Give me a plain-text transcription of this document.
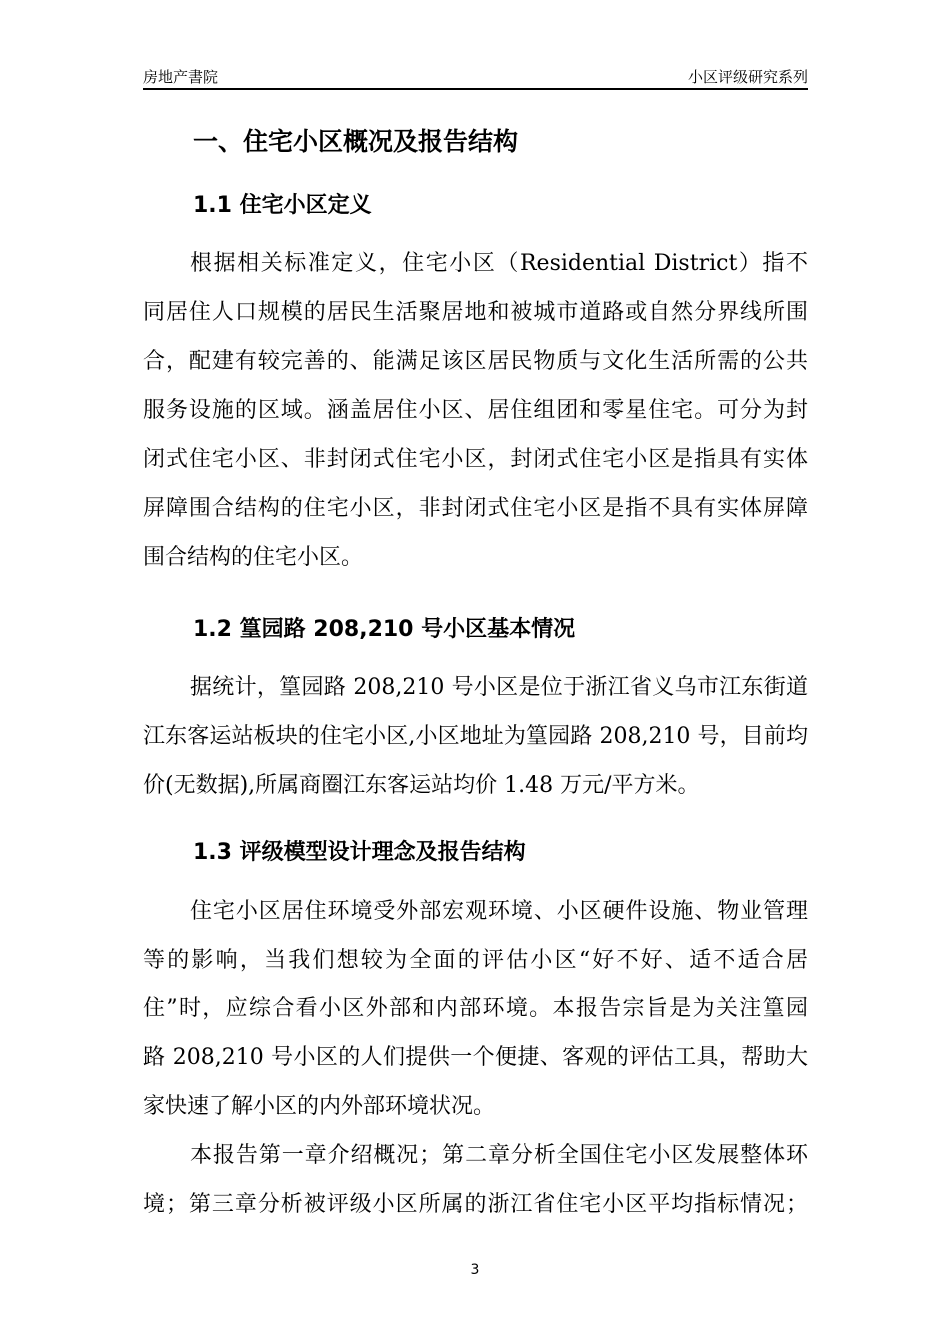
房地产書院	小区评级研究系列
一、住宅小区概况及报告结构
1.1 住宅小区定义
根据相关标准定义，住宅小区（Residential District）指不
同居住人口规模的居民生活聚居地和被城市道路或自然分界线所围
合，配建有较完善的、能满足该区居民物质与文化生活所需的公共
服务设施的区域。涵盖居住小区、居住组团和零星住宅。可分为封
闭式住宅小区、非封闭式住宅小区，封闭式住宅小区是指具有实体
屏障围合结构的住宅小区，非封闭式住宅小区是指不具有实体屏障
围合结构的住宅小区。
1.2 篁园路 208,210 号小区基本情况
据统计，篁园路 208,210 号小区是位于浙江省义乌市江东街道
江东客运站板块的住宅小区,小区地址为篁园路 208,210 号，目前均
价(无数据),所属商圈江东客运站均价 1.48 万元/平方米。
1.3 评级模型设计理念及报告结构
住宅小区居住环境受外部宏观环境、小区硬件设施、物业管理
等的影响，当我们想较为全面的评估小区“好不好、适不适合居
住”时，应综合看小区外部和内部环境。本报告宗旨是为关注篁园
路 208,210 号小区的人们提供一个便捷、客观的评估工具，帮助大
家快速了解小区的内外部环境状况。
本报告第一章介绍概况；第二章分析全国住宅小区发展整体环
境；第三章分析被评级小区所属的浙江省住宅小区平均指标情况；
3
